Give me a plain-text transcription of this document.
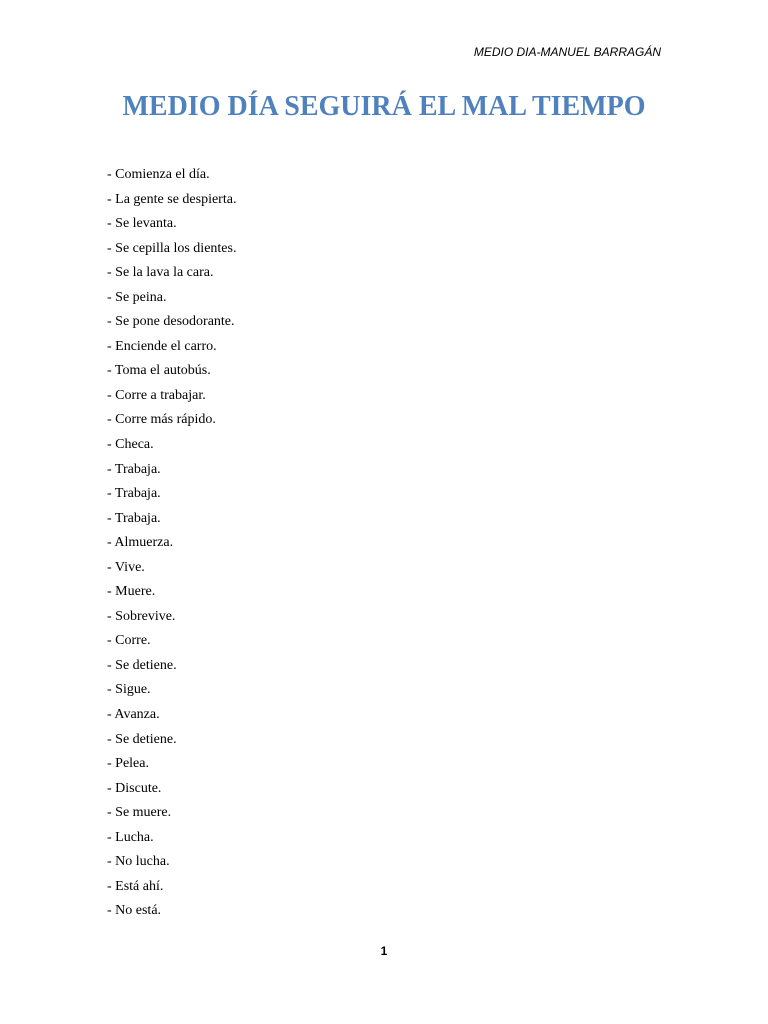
MEDIO DIA-MANUEL BARRAGÁN
MEDIO DÍA SEGUIRÁ EL MAL TIEMPO
- Comienza el día.
- La gente se despierta.
- Se levanta.
- Se cepilla los dientes.
- Se la lava la cara.
- Se peina.
- Se pone desodorante.
- Enciende el carro.
- Toma el autobús.
- Corre a trabajar.
- Corre más rápido.
- Checa.
- Trabaja.
- Trabaja.
- Trabaja.
- Almuerza.
- Vive.
- Muere.
- Sobrevive.
- Corre.
- Se detiene.
- Sigue.
- Avanza.
- Se detiene.
- Pelea.
- Discute.
- Se muere.
- Lucha.
- No lucha.
- Está ahí.
- No está.
1
